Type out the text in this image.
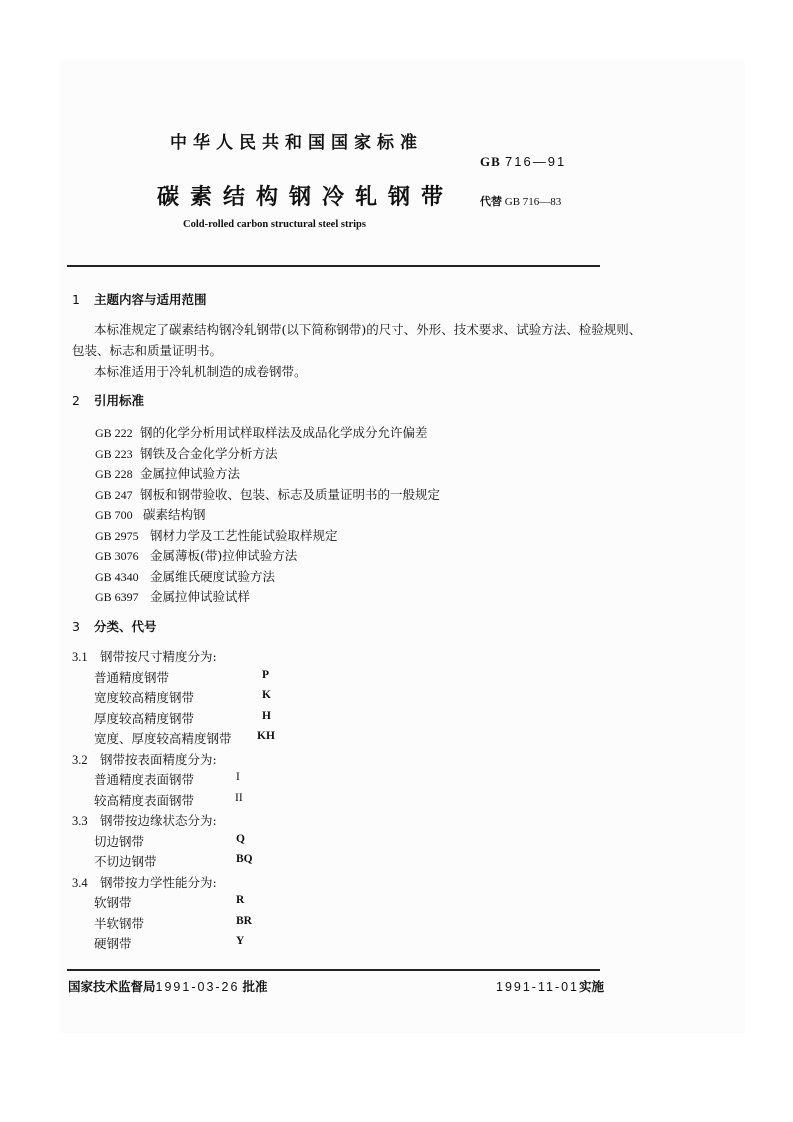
中华人民共和国国家标准
GB 716—91
碳素结构钢冷轧钢带 代替 GB 716—83
Cold-rolled carbon structural steel strips
1 主题内容与适用范围
本标准规定了碳素结构钢冷轧钢带(以下简称钢带)的尺寸、外形、技术要求、试验方法、检验规则、
包装、标志和质量证明书。
本标准适用于冷轧机制造的成卷钢带。
2 引用标准
GB 222 钢的化学分析用试样取样法及成品化学成分允许偏差
GB 223 钢铁及合金化学分析方法
GB 228 金属拉伸试验方法
GB 247 钢板和钢带验收、包装、标志及质量证明书的一般规定
GB 700 碳素结构钢
GB 2975 钢材力学及工艺性能试验取样规定
GB 3076 金属薄板(带)拉伸试验方法
GB 4340 金属维氏硬度试验方法
GB 6397 金属拉伸试验试样
3 分类、代号
3.1 钢带按尺寸精度分为:
普通精度钢带	P
宽度较高精度钢带	K
厚度较高精度钢带	H
宽度、厚度较高精度钢带 KH
3.2 钢带按表面精度分为:
普通精度表面钢带	I
较高精度表面钢带	II
3.3 钢带按边缘状态分为:
切边钢带	Q
不切边钢带	BQ
3.4 钢带按力学性能分为:
软钢带	R
半软钢带	BR
硬钢带	Y
国家技术监督局1991-03-26 批准	1991-11-01实施
